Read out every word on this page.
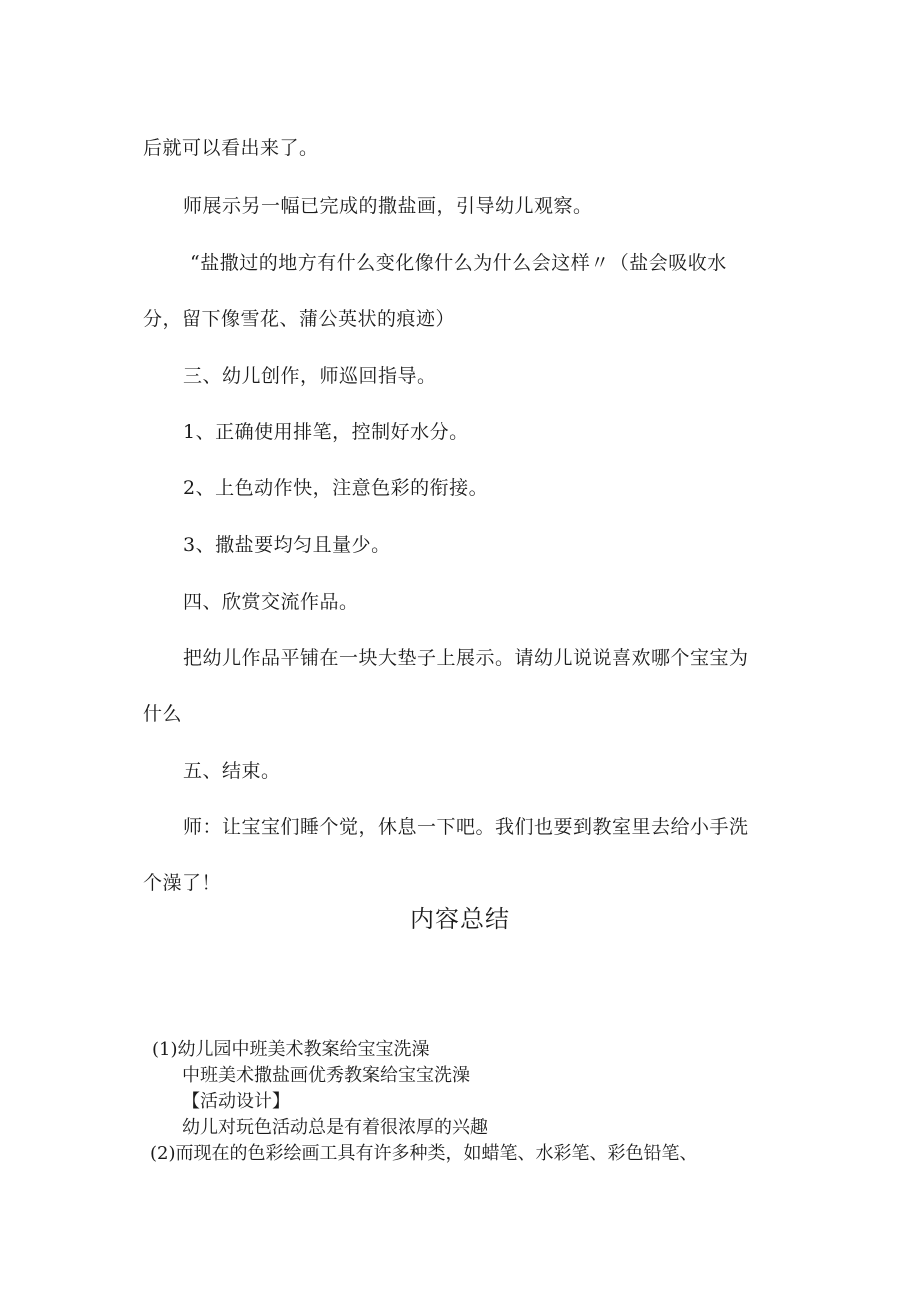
后就可以看出来了。
师展示另一幅已完成的撒盐画，引导幼儿观察。
“盐撒过的地方有什么变化像什么为什么会这样〃（盐会吸收水
分，留下像雪花、蒲公英状的痕迹）
三、幼儿创作，师巡回指导。
1、正确使用排笔，控制好水分。
2、上色动作快，注意色彩的衔接。
3、撒盐要均匀且量少。
四、欣赏交流作品。
把幼儿作品平铺在一块大垫子上展示。请幼儿说说喜欢哪个宝宝为
什么
五、结束。
师：让宝宝们睡个觉，休息一下吧。我们也要到教室里去给小手洗
个澡了！
内容总结
(1)幼儿园中班美术教案给宝宝洗澡
中班美术撒盐画优秀教案给宝宝洗澡
【活动设计】
幼儿对玩色活动总是有着很浓厚的兴趣
(2)而现在的色彩绘画工具有许多种类，如蜡笔、水彩笔、彩色铅笔、
